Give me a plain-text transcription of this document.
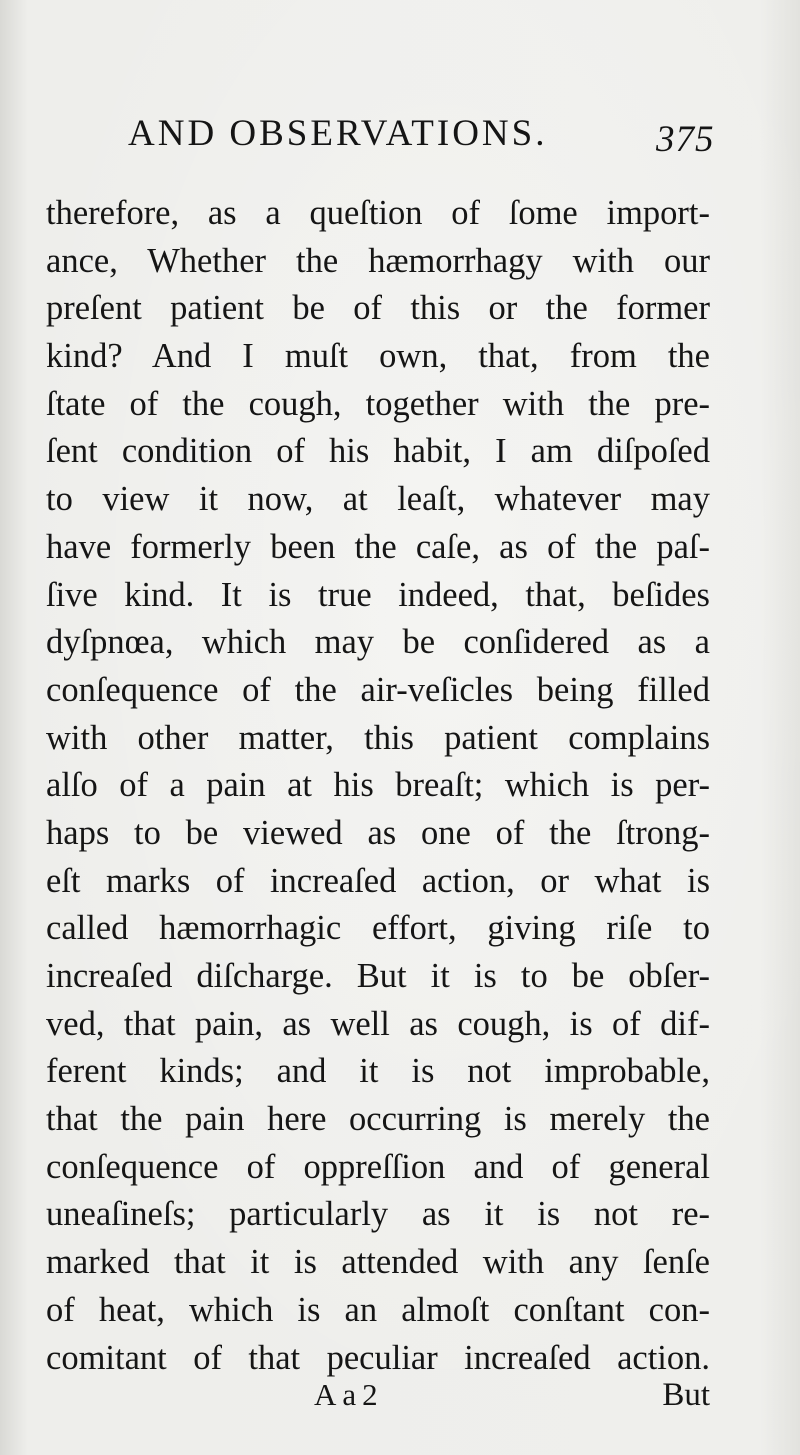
AND OBSERVATIONS.	375
therefore, as a queſtion of ſome import-
ance, Whether the hæmorrhagy with our
preſent patient be of this or the former
kind? And I muſt own, that, from the
ſtate of the cough, together with the pre-
ſent condition of his habit, I am diſpoſed
to view it now, at leaſt, whatever may
have formerly been the caſe, as of the paſ-
ſive kind. It is true indeed, that, beſides
dyſpnœa, which may be conſidered as a
conſequence of the air-veſicles being filled
with other matter, this patient complains
alſo of a pain at his breaſt; which is per-
haps to be viewed as one of the ſtrong-
eſt marks of increaſed action, or what is
called hæmorrhagic effort, giving riſe to
increaſed diſcharge. But it is to be obſer-
ved, that pain, as well as cough, is of dif-
ferent kinds; and it is not improbable,
that the pain here occurring is merely the
conſequence of oppreſſion and of general
uneaſineſs; particularly as it is not re-
marked that it is attended with any ſenſe
of heat, which is an almoſt conſtant con-
comitant of that peculiar increaſed action.
Aa2	But
